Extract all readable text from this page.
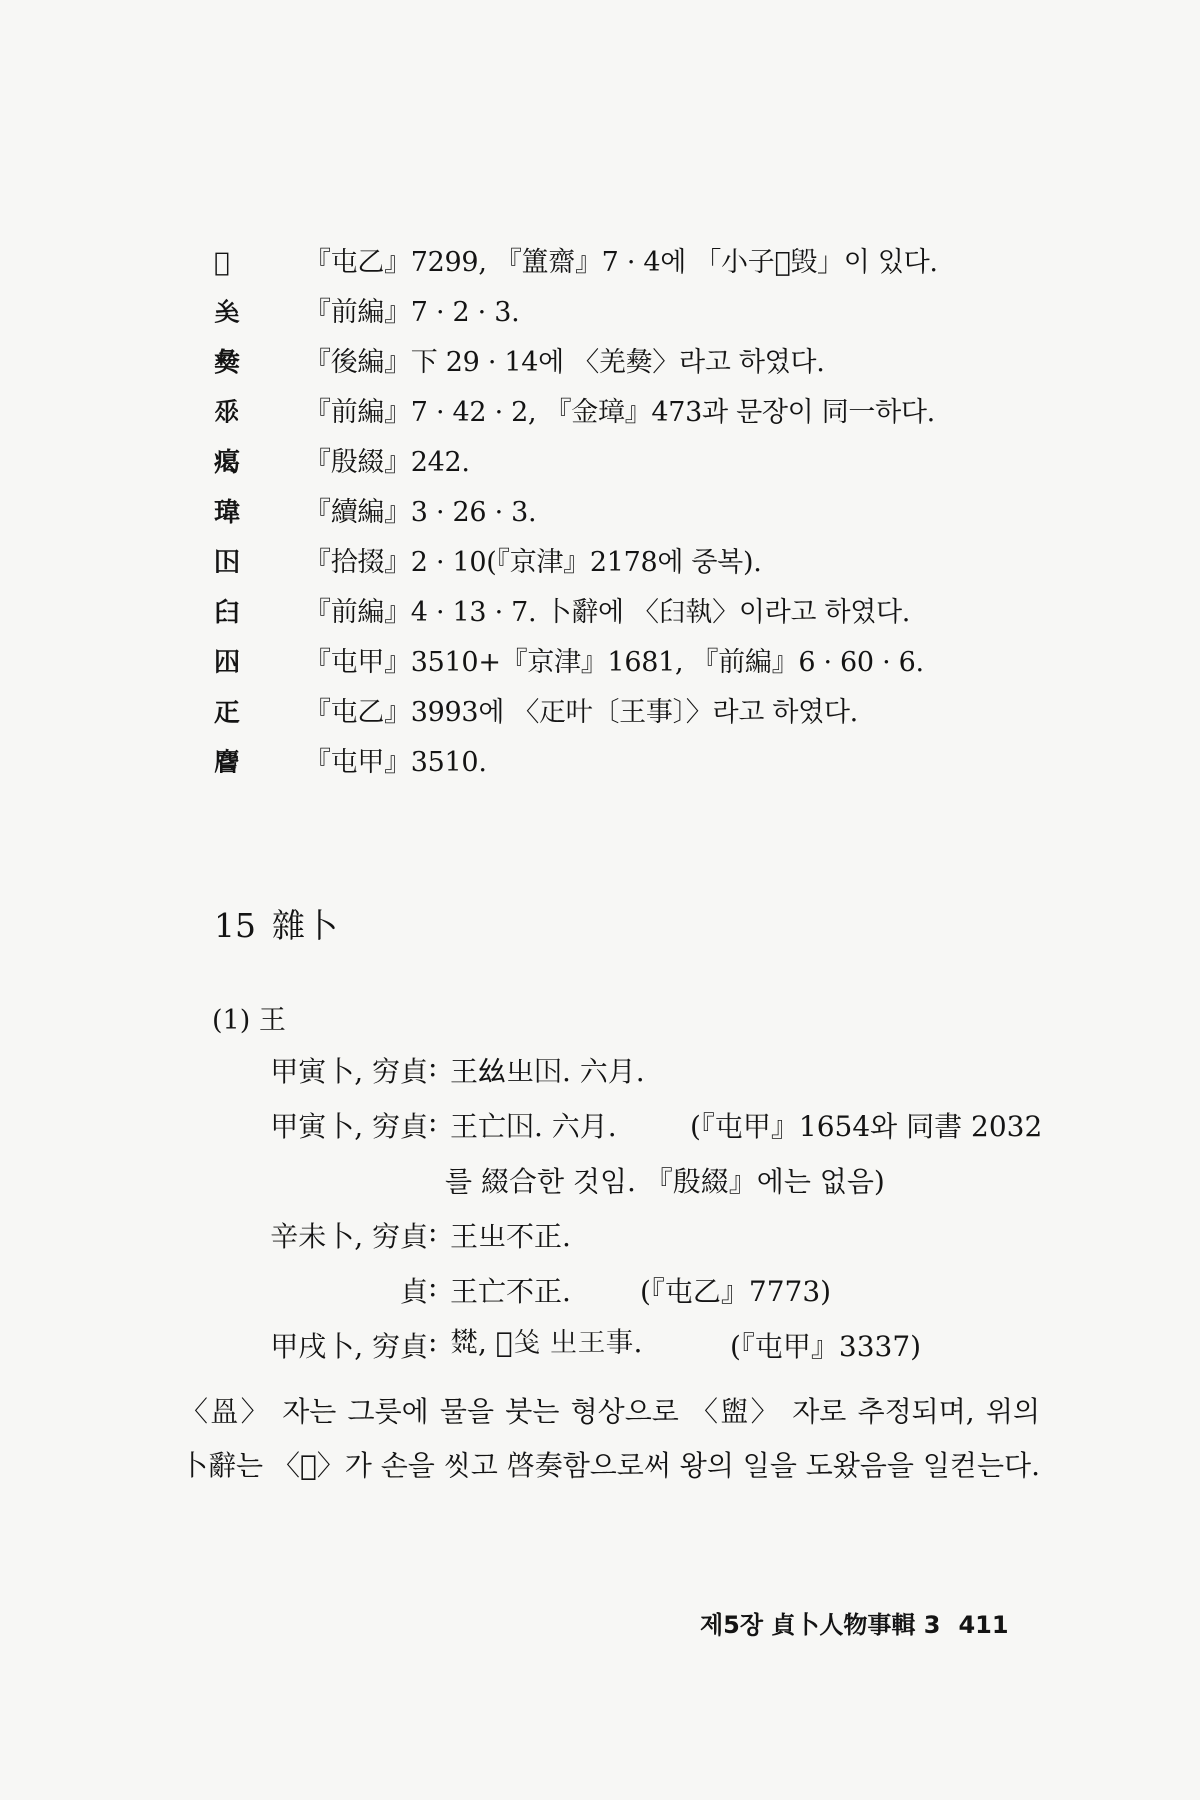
𤕫	『屯乙』7299, 『簠齋』7 · 4에 「小子𤕫毁」이 있다.
𡗞	『前編』7 · 2 · 3.
𢑱	『後編』下 29 · 14에 〈羌𢑱〉라고 하였다.
𠂹	『前編』7 · 42 · 2, 『金璋』473과 문장이 同一하다.
𤸎	『殷綴』242.
瑋	『續編』3 · 26 · 3.
𡆥	『拾掇』2 · 10(『京津』2178에 중복).
𦥑	『前編』4 · 13 · 7. 卜辭에 〈𦥑執〉이라고 하였다.
𡆧	『屯甲』3510+『京津』1681, 『前編』6 · 60 · 6.
𤴓	『屯乙』3993에 〈𤴓叶〔王事〕〉라고 하였다.
𪊨	『屯甲』3510.
15 雜卜
(1) 王
甲寅卜, 穷貞 : 王𢆶㞢𡆥. 六月.
甲寅卜, 穷貞 : 王亡𡆥. 六月.	(『屯甲』1654와 同書 2032
를 綴合한 것임. 『殷綴』에는 없음)
辛未卜, 穷貞 : 王㞢不正.
貞 : 王亡不正. (『屯乙』7773)
甲戌卜, 穷貞 : 𤕩, 𡧊㦰 㞢王事.	(『屯甲』3337)
〈𥁕〉 자는 그릇에 물을 붓는 형상으로 〈盥〉 자로 추정되며, 위의 卜辭는 〈𡧊〉가 손을 씻고 啓奏함으로써 왕의 일을 도왔음을 일컫는다.
제5장 貞卜人物事輯 3 411
